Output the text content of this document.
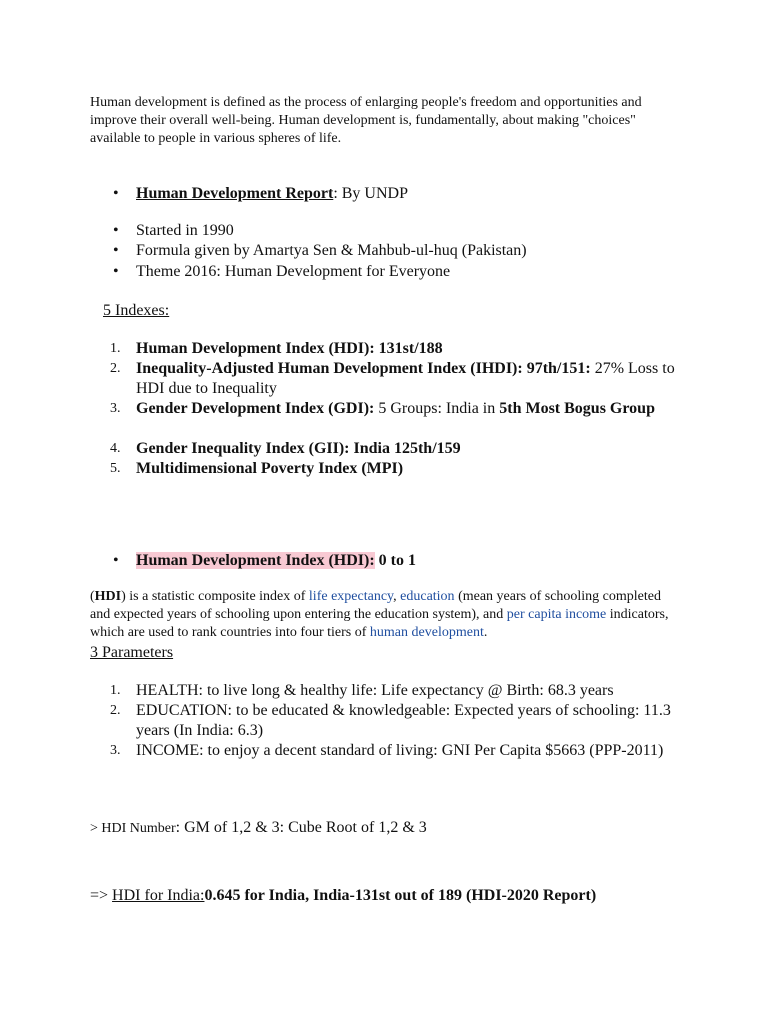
Human development is defined as the process of enlarging people's freedom and opportunities and improve their overall well-being. Human development is, fundamentally, about making "choices" available to people in various spheres of life.
• Human Development Report: By UNDP
• Started in 1990
• Formula given by Amartya Sen & Mahbub-ul-huq (Pakistan)
• Theme 2016: Human Development for Everyone
5 Indexes:
1. Human Development Index (HDI): 131st/188
2. Inequality-Adjusted Human Development Index (IHDI): 97th/151: 27% Loss to HDI due to Inequality
3. Gender Development Index (GDI): 5 Groups: India in 5th Most Bogus Group
4. Gender Inequality Index (GII): India 125th/159
5. Multidimensional Poverty Index (MPI)
• Human Development Index (HDI): 0 to 1
(HDI) is a statistic composite index of life expectancy, education (mean years of schooling completed and expected years of schooling upon entering the education system), and per capita income indicators, which are used to rank countries into four tiers of human development.
3 Parameters
1. HEALTH: to live long & healthy life: Life expectancy @ Birth: 68.3 years
2. EDUCATION: to be educated & knowledgeable: Expected years of schooling: 11.3 years (In India: 6.3)
3. INCOME: to enjoy a decent standard of living: GNI Per Capita $5663 (PPP-2011)
> HDI Number: GM of 1,2 & 3: Cube Root of 1,2 & 3
=> HDI for India:0.645 for India, India-131st out of 189 (HDI-2020 Report)
